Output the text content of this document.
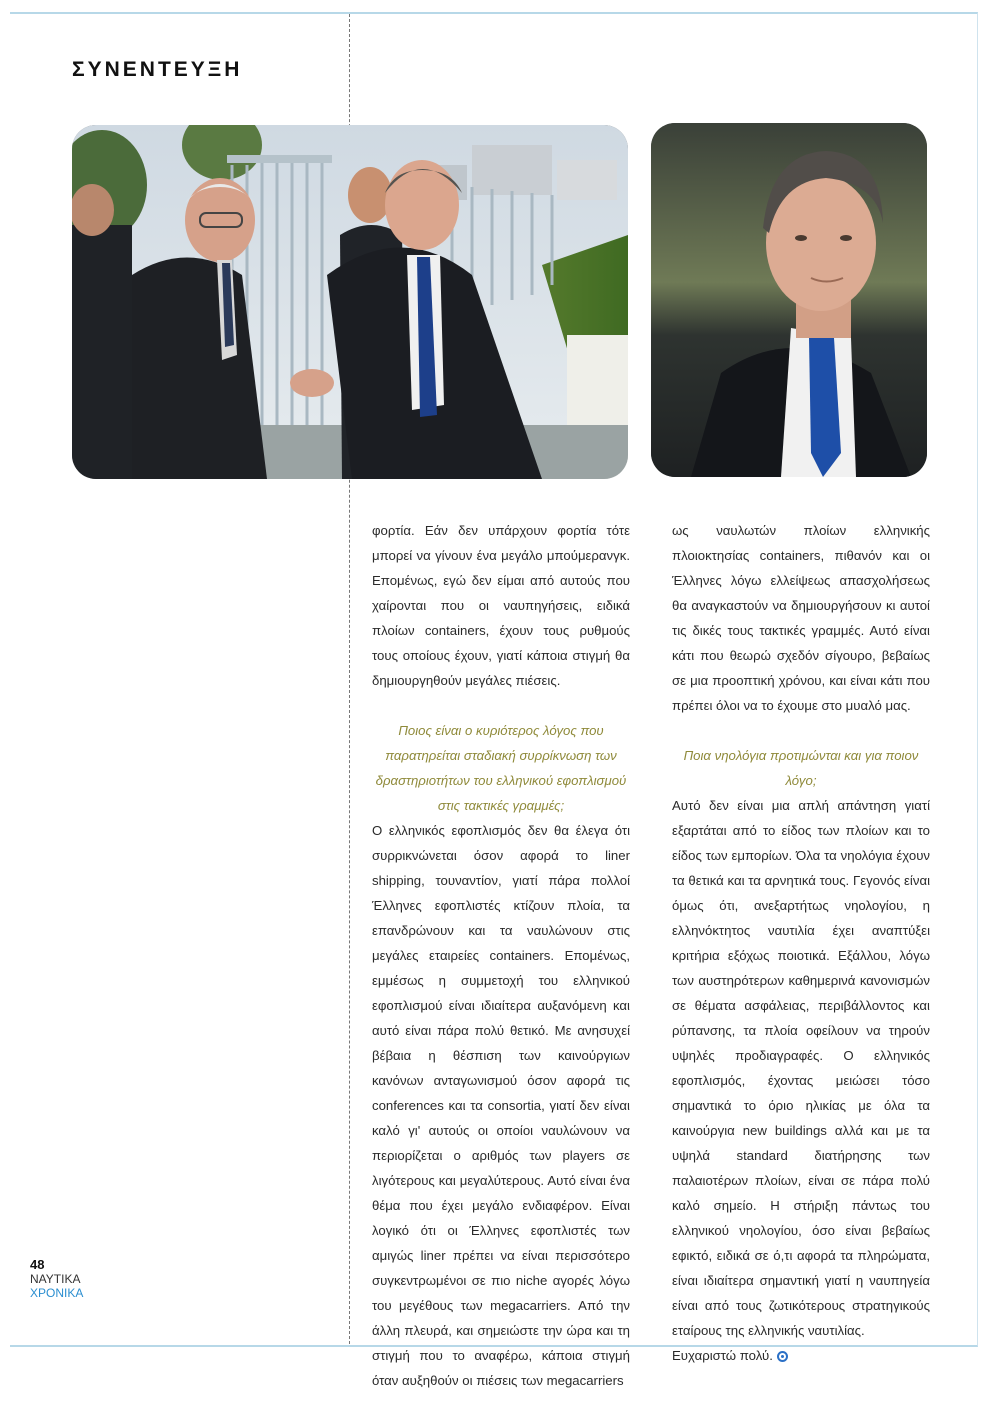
ΣΥΝΕΝΤΕΥΞΗ

φορτία. Εάν δεν υπάρχουν φορτία τότε μπορεί να γίνουν ένα μεγάλο μπούμερανγκ. Επομένως, εγώ δεν είμαι από αυτούς που χαίρονται που οι ναυπηγήσεις, ειδικά πλοίων containers, έχουν τους ρυθμούς τους οποίους έχουν, γιατί κάποια στιγμή θα δημιουργηθούν μεγάλες πιέσεις.

Ποιος είναι ο κυριότερος λόγος που παρατηρείται σταδιακή συρρίκνωση των δραστηριοτήτων του ελληνικού εφοπλισμού στις τακτικές γραμμές;

Ο ελληνικός εφοπλισμός δεν θα έλεγα ότι συρρικνώνεται όσον αφορά το liner shipping, τουναντίον, γιατί πάρα πολλοί Έλληνες εφοπλιστές κτίζουν πλοία, τα επανδρώνουν και τα ναυλώνουν στις μεγάλες εταιρείες containers. Επομένως, εμμέσως η συμμετοχή του ελληνικού εφοπλισμού είναι ιδιαίτερα αυξανόμενη και αυτό είναι πάρα πολύ θετικό. Με ανησυχεί βέβαια η θέσπιση των καινούργιων κανόνων ανταγωνισμού όσον αφορά τις conferences και τα consortia, γιατί δεν είναι καλό γι' αυτούς οι οποίοι ναυλώνουν να περιορίζεται ο αριθμός των players σε λιγότερους και μεγαλύτερους. Αυτό είναι ένα θέμα που έχει μεγάλο ενδιαφέρον. Είναι λογικό ότι οι Έλληνες εφοπλιστές των αμιγώς liner πρέπει να είναι περισσότερο συγκεντρωμένοι σε πιο niche αγορές λόγω του μεγέθους των megacarriers. Από την άλλη πλευρά, και σημειώστε την ώρα και τη στιγμή που το αναφέρω, κάποια στιγμή όταν αυξηθούν οι πιέσεις των megacarriers

ως ναυλωτών πλοίων ελληνικής πλοιοκτησίας containers, πιθανόν και οι Έλληνες λόγω ελλείψεως απασχολήσεως θα αναγκαστούν να δημιουργήσουν κι αυτοί τις δικές τους τακτικές γραμμές. Αυτό είναι κάτι που θεωρώ σχεδόν σίγουρο, βεβαίως σε μια προοπτική χρόνου, και είναι κάτι που πρέπει όλοι να το έχουμε στο μυαλό μας.

Ποια νηολόγια προτιμώνται και για ποιον λόγο;

Αυτό δεν είναι μια απλή απάντηση γιατί εξαρτάται από το είδος των πλοίων και το είδος των εμπορίων. Όλα τα νηολόγια έχουν τα θετικά και τα αρνητικά τους. Γεγονός είναι όμως ότι, ανεξαρτήτως νηολογίου, η ελληνόκτητος ναυτιλία έχει αναπτύξει κριτήρια εξόχως ποιοτικά. Εξάλλου, λόγω των αυστηρότερων καθημερινά κανονισμών σε θέματα ασφάλειας, περιβάλλοντος και ρύπανσης, τα πλοία οφείλουν να τηρούν υψηλές προδιαγραφές. Ο ελληνικός εφοπλισμός, έχοντας μειώσει τόσο σημαντικά το όριο ηλικίας με όλα τα καινούργια new buildings αλλά και με τα υψηλά standard διατήρησης των παλαιοτέρων πλοίων, είναι σε πάρα πολύ καλό σημείο. Η στήριξη πάντως του ελληνικού νηολογίου, όσο είναι βεβαίως εφικτό, ειδικά σε ό,τι αφορά τα πληρώματα, είναι ιδιαίτερα σημαντική γιατί η ναυπηγεία είναι από τους ζωτικότερους στρατηγικούς εταίρους της ελληνικής ναυτιλίας.

Ευχαριστώ πολύ.

48
ΝΑΥΤΙΚΑ
ΧΡΟΝΙΚΑ
